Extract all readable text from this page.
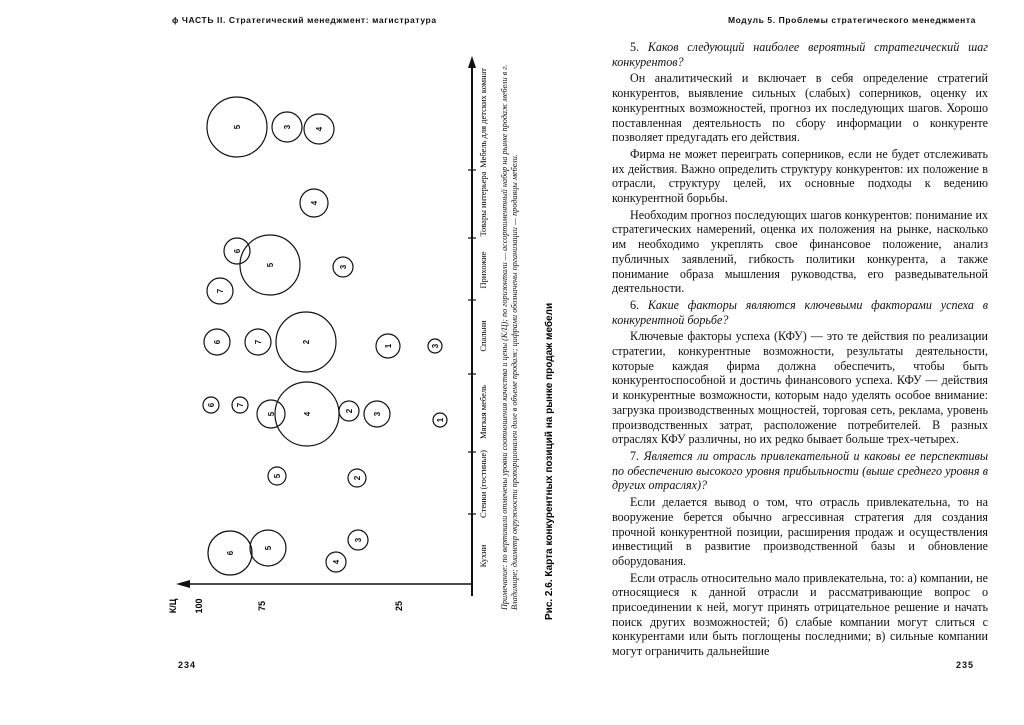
ϕ ЧАСТЬ II. Стратегический менеджмент: магистратура
К/Ц 100	75	25
Кухни
Стенки (гостиные)
Мягкая мебель
Спальни
Прихожие
Товары интерьера
Мебель для детских комнат
6
5
3
4
5	2
6	7
5	4
2
3
1
6	7	2
1	3
7
6
5	3
4
5	3	4	Примечание: по вертикали отмечены уровни соотношения качества и цены (К/Ц); по горизонтали — ассортиментный набор на рынке продаж мебели в г. Владимире; диаметр окружности пропорционален доле в объеме продаж; цифрами обозначены организации — продавцы мебели.	Рис. 2.6. Карта конкурентных позиций на рынке продаж мебели
234
Модуль 5. Проблемы стратегического менеджмента

5. Каков следующий наиболее вероятный стратегический шаг конкурентов?

Он аналитический и включает в себя определение стратегий конкурентов, выявление сильных (слабых) соперников, оценку их конкурентных возможностей, прогноз их последующих шагов. Хорошо поставленная деятельность по сбору информации о конкуренте позволяет предугадать его действия.

Фирма не может переиграть соперников, если не будет отслеживать их действия. Важно определить структуру конкурентов: их положение в отрасли, структуру целей, их основные подходы к ведению конкурентной борьбы.

Необходим прогноз последующих шагов конкурентов: понимание их стратегических намерений, оценка их положения на рынке, насколько им необходимо укреплять свое финансовое положение, анализ публичных заявлений, гибкость политики конкурента, а также понимание образа мышления руководства, его разведывательной деятельности.

6. Какие факторы являются ключевыми факторами успеха в конкурентной борьбе?

Ключевые факторы успеха (КФУ) — это те действия по реализации стратегии, конкурентные возможности, результаты деятельности, которые каждая фирма должна обеспечить, чтобы быть конкурентоспособной и достичь финансового успеха. КФУ — действия и конкурентные возможности, которым надо уделять особое внимание: загрузка производственных мощностей, торговая сеть, реклама, уровень производственных затрат, расположение потребителей. В разных отраслях КФУ различны, но их редко бывает больше трех-четырех.

7. Является ли отрасль привлекательной и каковы ее перспективы по обеспечению высокого уровня прибыльности (выше среднего уровня в других отраслях)?

Если делается вывод о том, что отрасль привлекательна, то на вооружение берется обычно агрессивная стратегия для создания прочной конкурентной позиции, расширения продаж и осуществления инвестиций в развитие производственной базы и обновление оборудования.

Если отрасль относительно мало привлекательна, то: а) компании, не относящиеся к данной отрасли и рассматривающие вопрос о присоединении к ней, могут принять отрицательное решение и начать поиск других возможностей; б) слабые компании могут слиться с конкурентами или быть поглощены последними; в) сильные компании могут ограничить дальнейшие

235
